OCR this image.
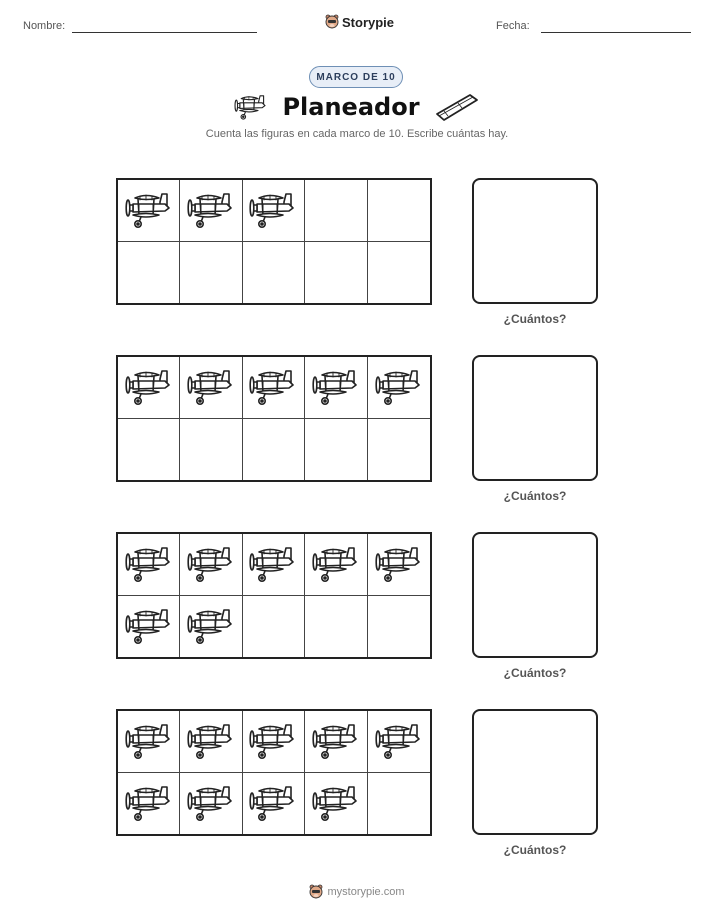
Nombre:	Storypie	Fecha:
MARCO DE 10
Planeador
Cuenta las figuras en cada marco de 10. Escribe cuántas hay.
¿Cuántos?
¿Cuántos?
¿Cuántos?
¿Cuántos?
mystorypie.com
